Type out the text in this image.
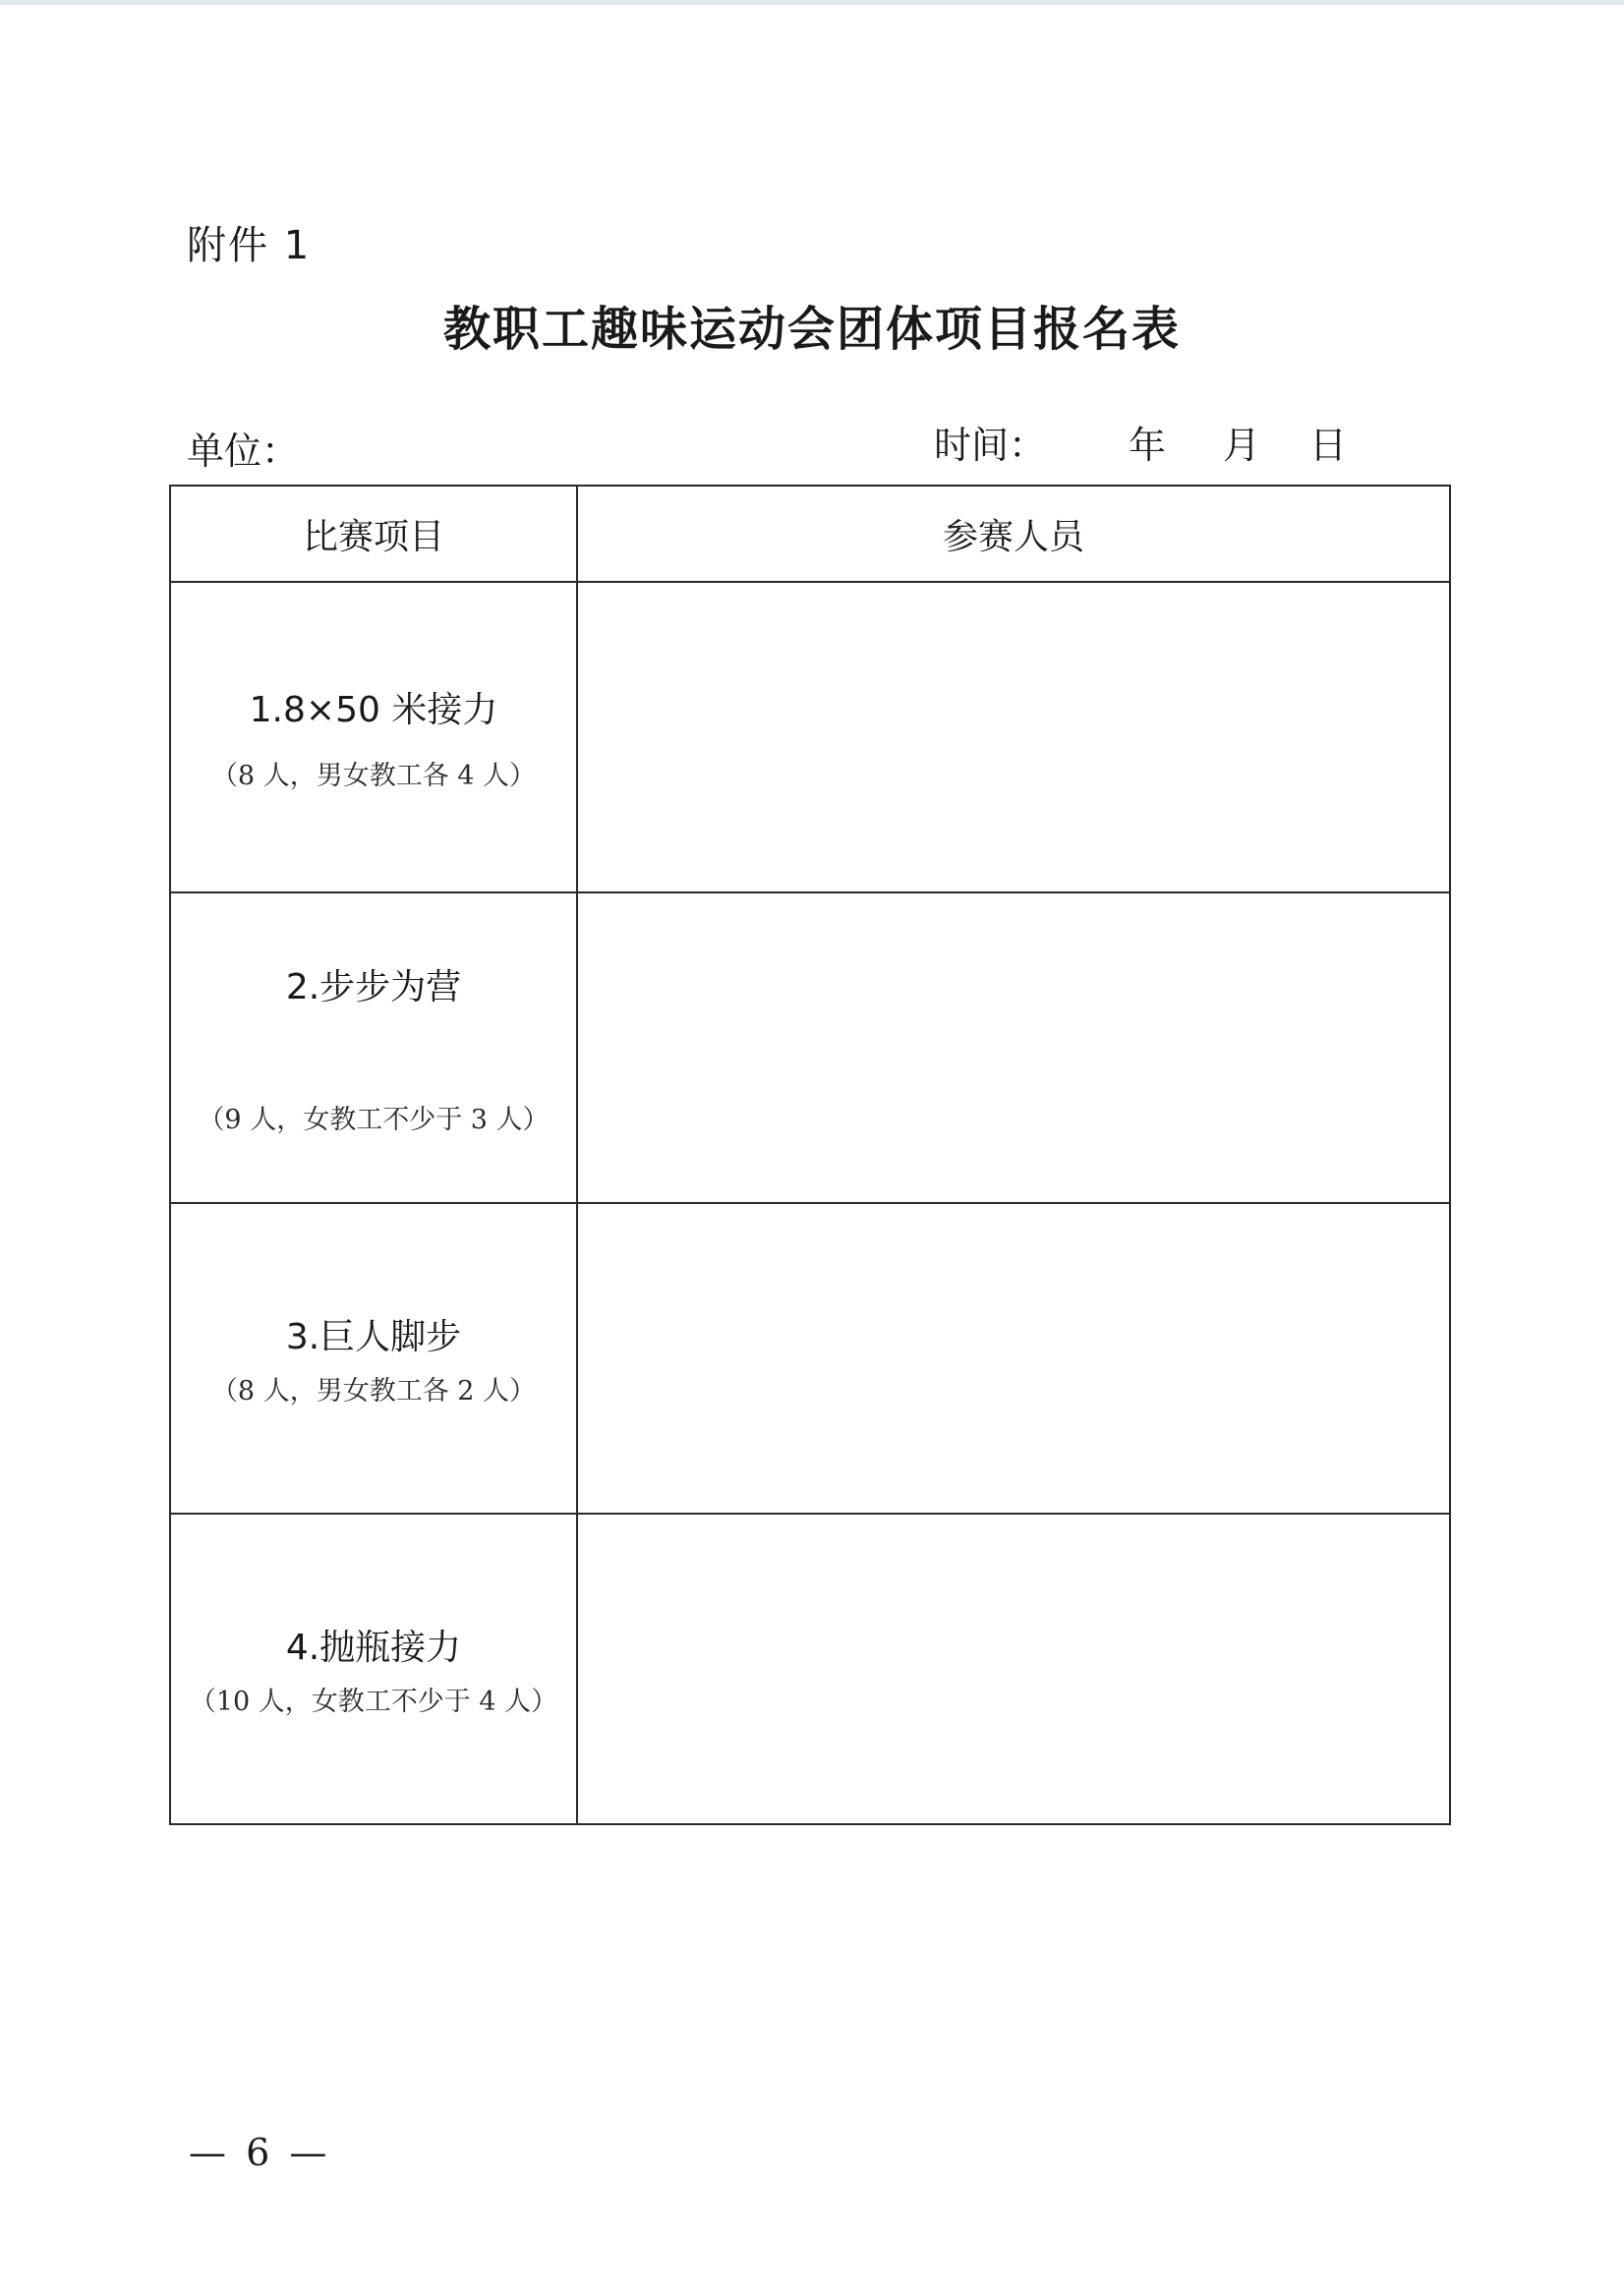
附件 1
教职工趣味运动会团体项目报名表
单位：	时间： 年 月 日
比赛项目	参赛人员

1.8×50 米接力
（8 人，男女教工各 4 人）	

2.步步为营
（9 人，女教工不少于 3 人）	

3.巨人脚步
（8 人，男女教工各 2 人）	

4.抛瓶接力
（10 人，女教工不少于 4 人）	

— 6 —
